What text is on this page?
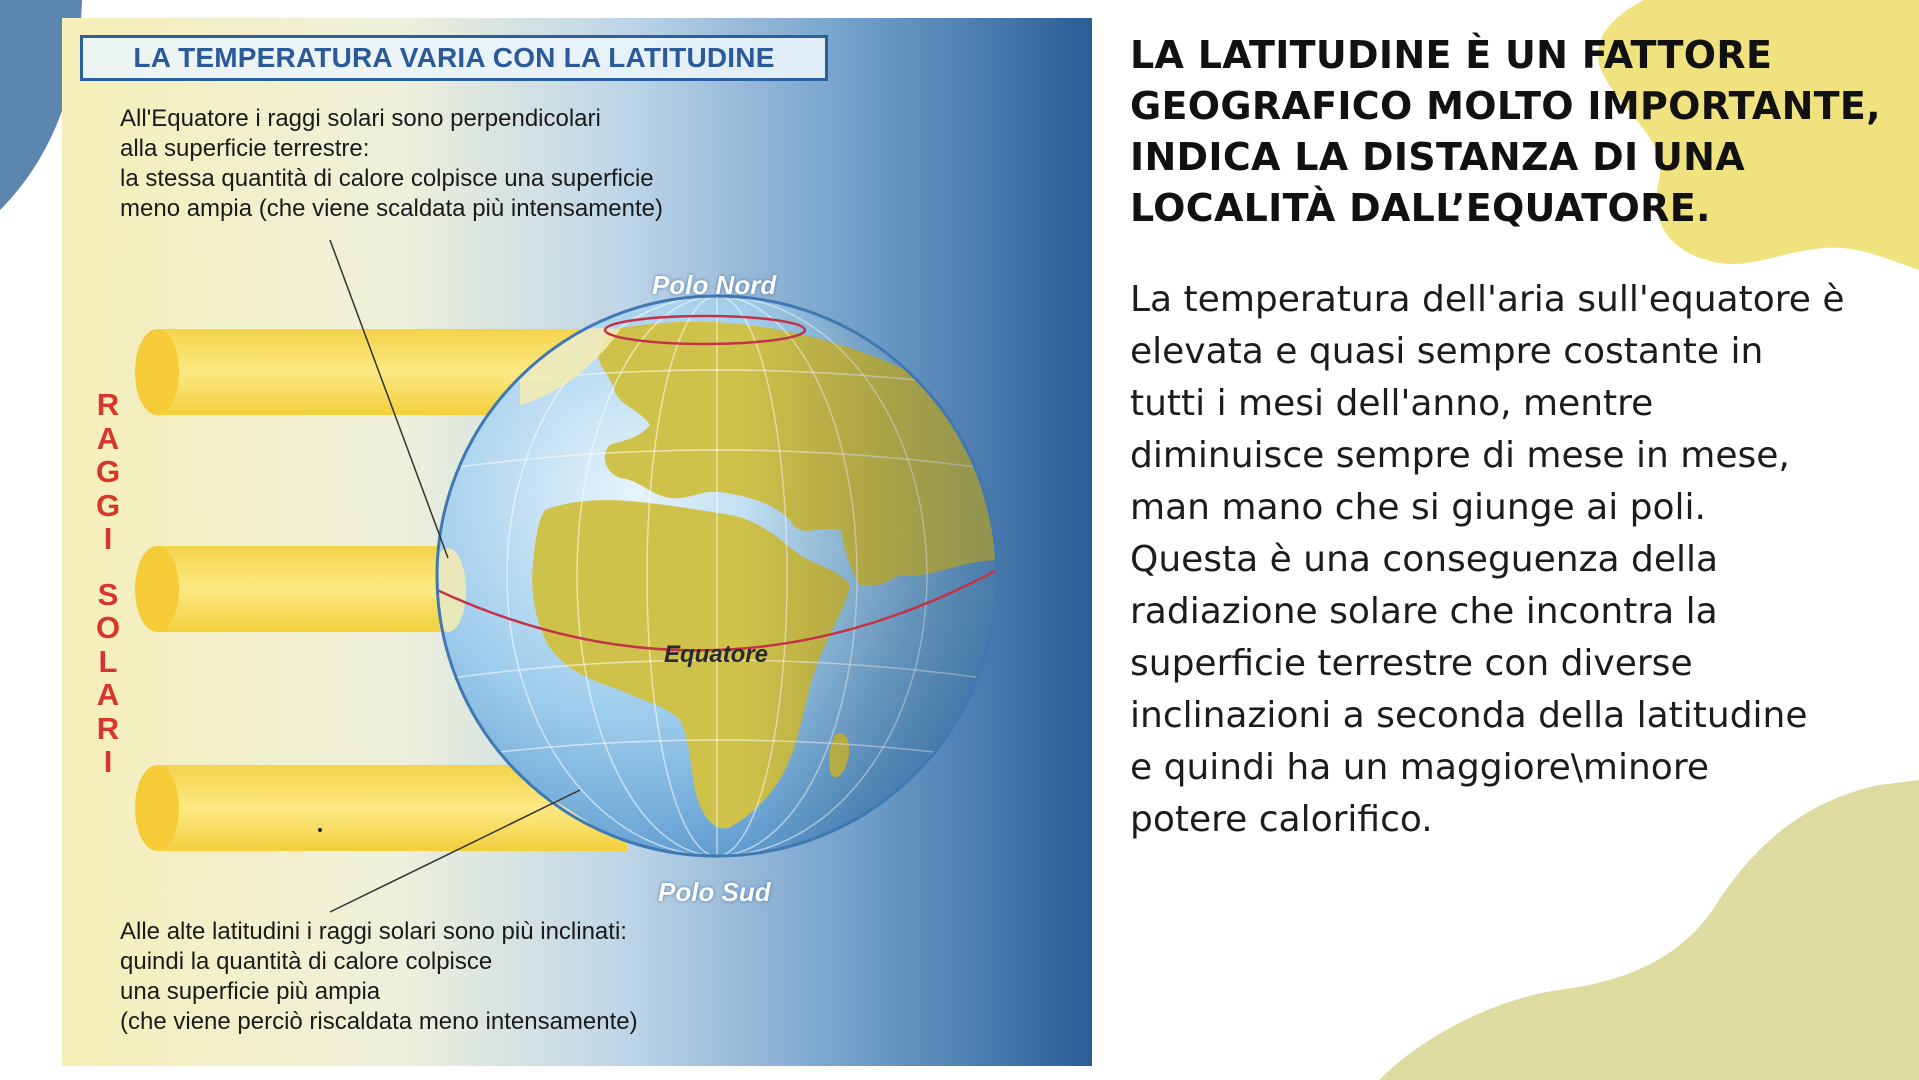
LA TEMPERATURA VARIA CON LA LATITUDINE
All'Equatore i raggi solari sono perpendicolari
alla superficie terrestre:
la stessa quantità di calore colpisce una superficie
meno ampia (che viene scaldata più intensamente)
Alle alte latitudini i raggi solari sono più inclinati:
quindi la quantità di calore colpisce
una superficie più ampia
(che viene perciò riscaldata meno intensamente)
Polo Nord
Polo Sud
Equatore
R
A
G
G
I
S
O
L
A
R
I
LA LATITUDINE È UN FATTORE
GEOGRAFICO MOLTO IMPORTANTE,
INDICA LA DISTANZA DI UNA
LOCALITÀ DALL’EQUATORE.
La temperatura dell'aria sull'equatore è
elevata e quasi sempre costante in
tutti i mesi dell'anno, mentre
diminuisce sempre di mese in mese,
man mano che si giunge ai poli.
Questa è una conseguenza della
radiazione solare che incontra la
superficie terrestre con diverse
inclinazioni a seconda della latitudine
e quindi ha un maggiore\minore
potere calorifico.
